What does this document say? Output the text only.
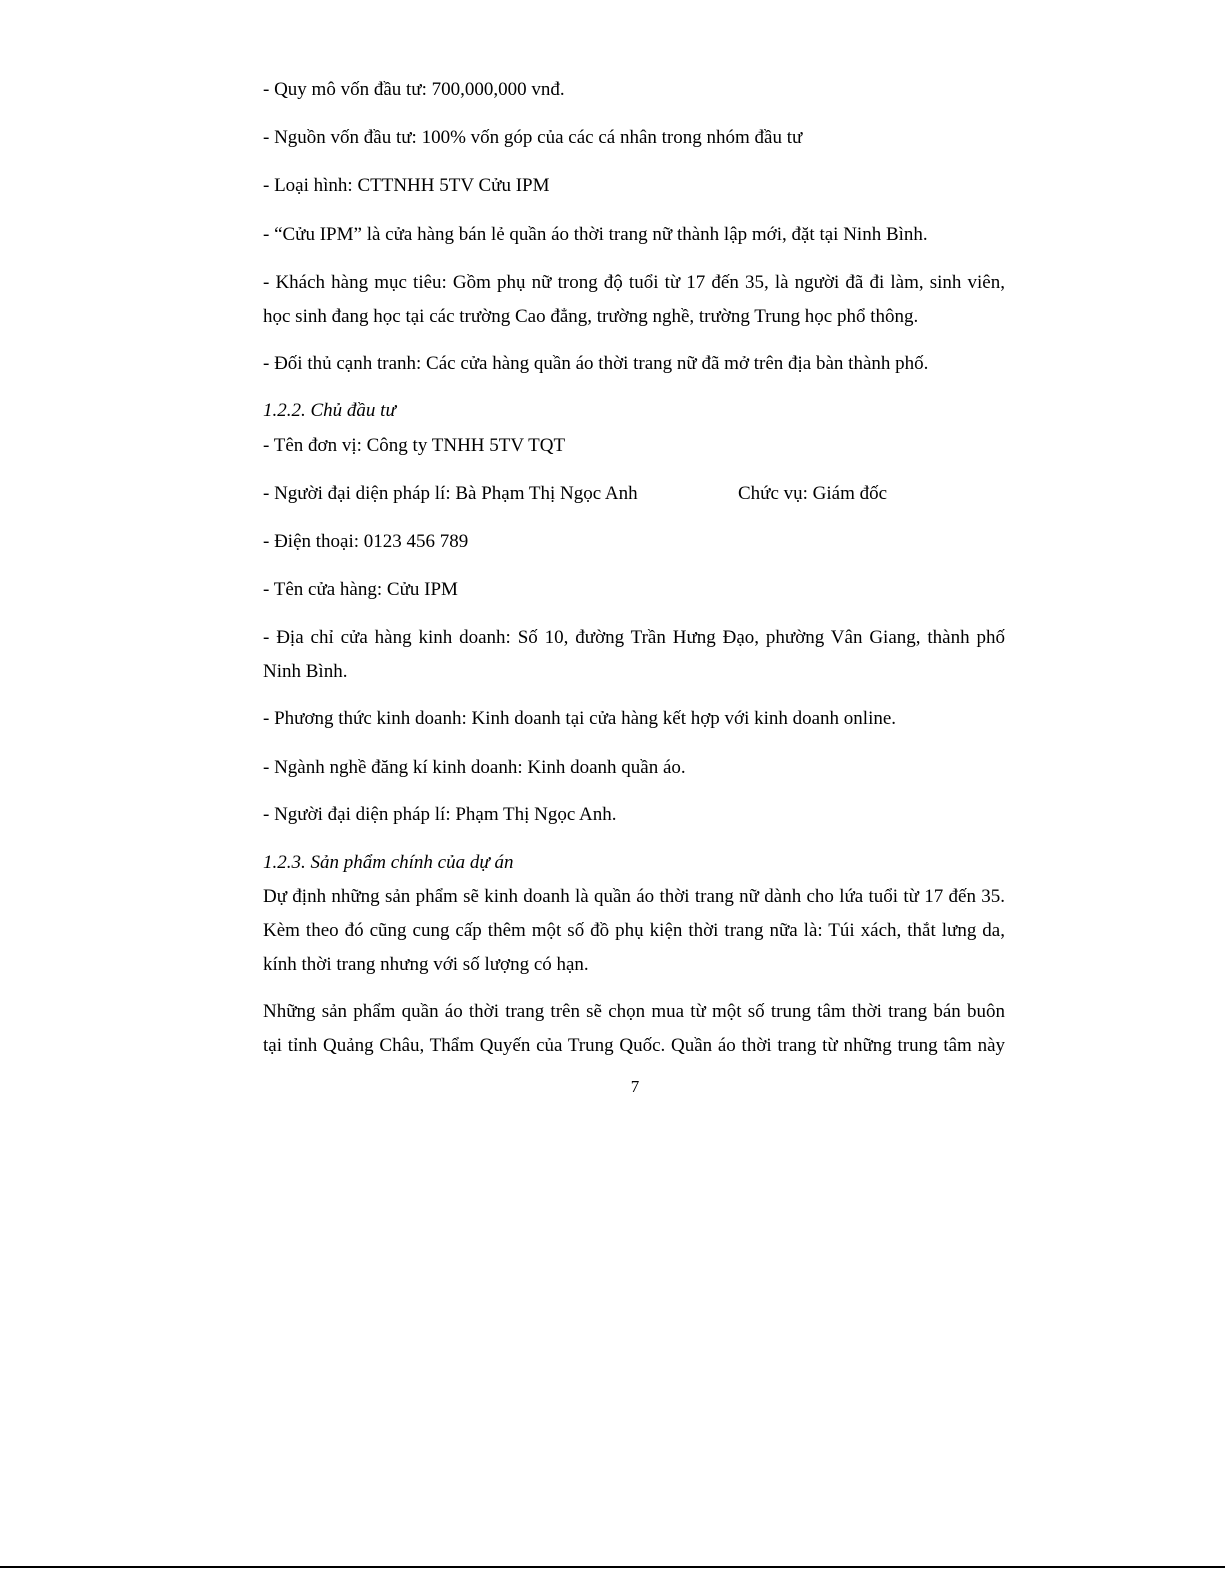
- Quy mô vốn đầu tư: 700,000,000 vnđ.

- Nguồn vốn đầu tư: 100% vốn góp của các cá nhân trong nhóm đầu tư

- Loại hình: CTTNHH 5TV Cửu IPM

- “Cửu IPM” là cửa hàng bán lẻ quần áo thời trang nữ thành lập mới, đặt tại Ninh Bình.

- Khách hàng mục tiêu: Gồm phụ nữ trong độ tuổi từ 17 đến 35, là người đã đi làm, sinh viên,

học sinh đang học tại các trường Cao đẳng, trường nghề, trường Trung học phổ thông.

- Đối thủ cạnh tranh: Các cửa hàng quần áo thời trang nữ đã mở trên địa bàn thành phố.

1.2.2. Chủ đầu tư

- Tên đơn vị: Công ty TNHH 5TV TQT

- Người đại diện pháp lí: Bà Phạm Thị Ngọc Anh	Chức vụ: Giám đốc

- Điện thoại: 0123 456 789

- Tên cửa hàng: Cửu IPM

- Địa chỉ cửa hàng kinh doanh: Số 10, đường Trần Hưng Đạo, phường Vân Giang, thành phố

Ninh Bình.

- Phương thức kinh doanh: Kinh doanh tại cửa hàng kết hợp với kinh doanh online.

- Ngành nghề đăng kí kinh doanh: Kinh doanh quần áo.

- Người đại diện pháp lí: Phạm Thị Ngọc Anh.

1.2.3. Sản phẩm chính của dự án

Dự định những sản phẩm sẽ kinh doanh là quần áo thời trang nữ dành cho lứa tuổi từ 17 đến 35.

Kèm theo đó cũng cung cấp thêm một số đồ phụ kiện thời trang nữa là: Túi xách, thắt lưng da,

kính thời trang nhưng với số lượng có hạn.

Những sản phẩm quần áo thời trang trên sẽ chọn mua từ một số trung tâm thời trang bán buôn

tại tỉnh Quảng Châu, Thẩm Quyến của Trung Quốc. Quần áo thời trang từ những trung tâm này

7
